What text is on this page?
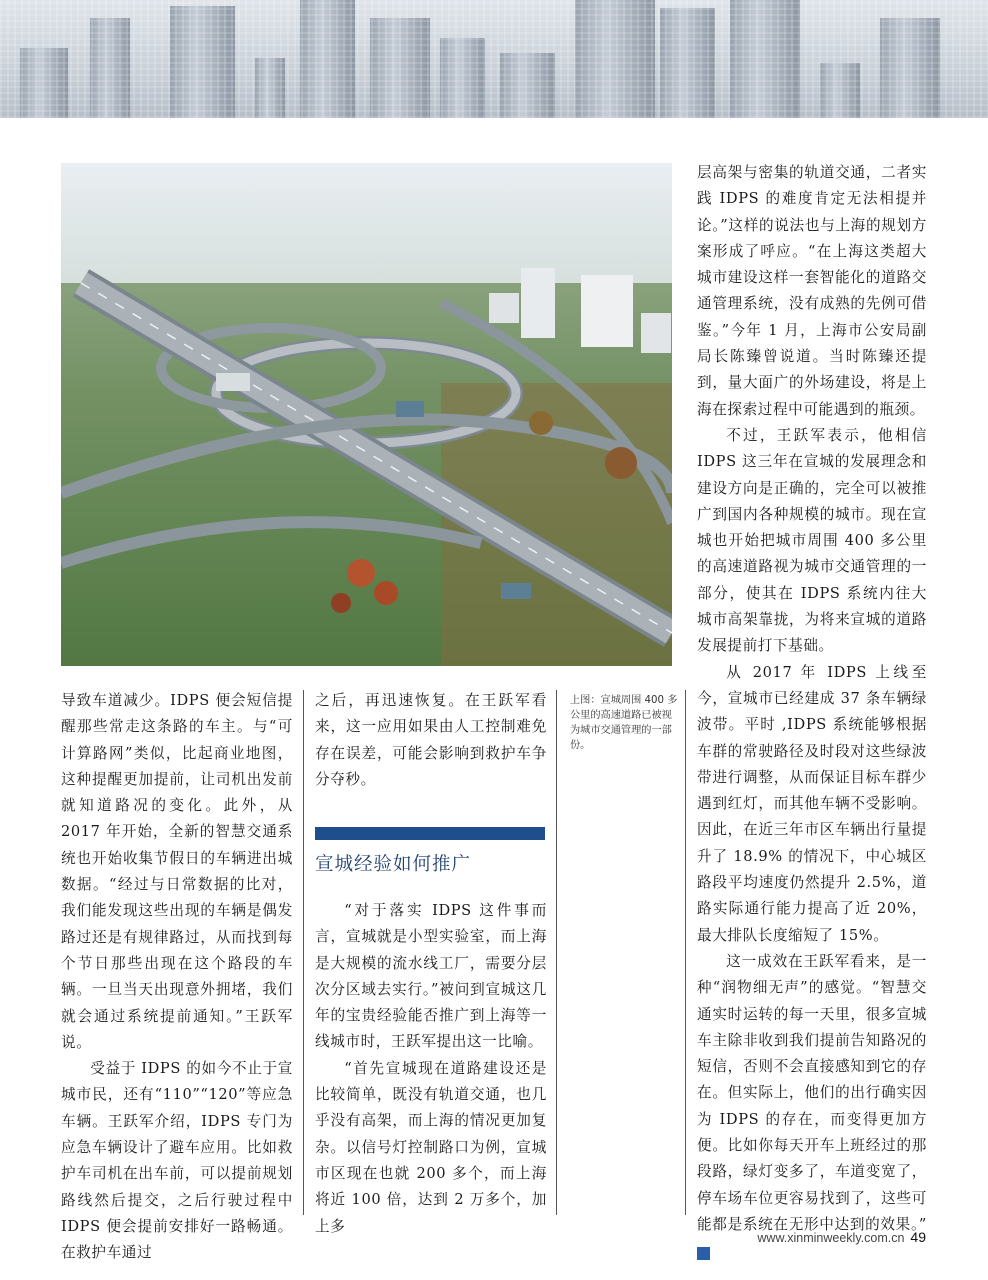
导致车道减少。IDPS 便会短信提醒那些常走这条路的车主。与“可计算路网”类似，比起商业地图，这种提醒更加提前，让司机出发前就知道路况的变化。此外，从 2017 年开始，全新的智慧交通系统也开始收集节假日的车辆进出城数据。“经过与日常数据的比对，我们能发现这些出现的车辆是偶发路过还是有规律路过，从而找到每个节日那些出现在这个路段的车辆。一旦当天出现意外拥堵，我们就会通过系统提前通知。”王跃军说。

受益于 IDPS 的如今不止于宣城市民，还有“110”“120”等应急车辆。王跃军介绍，IDPS 专门为应急车辆设计了避车应用。比如救护车司机在出车前，可以提前规划路线然后提交，之后行驶过程中 IDPS 便会提前安排好一路畅通。在救护车通过

之后，再迅速恢复。在王跃军看来，这一应用如果由人工控制难免存在误差，可能会影响到救护车争分夺秒。

宣城经验如何推广

“对于落实 IDPS 这件事而言，宣城就是小型实验室，而上海是大规模的流水线工厂，需要分层次分区域去实行。”被问到宣城这几年的宝贵经验能否推广到上海等一线城市时，王跃军提出这一比喻。

“首先宣城现在道路建设还是比较简单，既没有轨道交通，也几乎没有高架，而上海的情况更加复杂。以信号灯控制路口为例，宣城市区现在也就 200 多个，而上海将近 100 倍，达到 2 万多个，加上多

上图：宣城周围 400 多公里的高速道路已被视为城市交通管理的一部份。

层高架与密集的轨道交通，二者实践 IDPS 的难度肯定无法相提并论。”这样的说法也与上海的规划方案形成了呼应。“在上海这类超大城市建设这样一套智能化的道路交通管理系统，没有成熟的先例可借鉴。”今年 1 月，上海市公安局副局长陈臻曾说道。当时陈臻还提到，量大面广的外场建设，将是上海在探索过程中可能遇到的瓶颈。

不过，王跃军表示，他相信 IDPS 这三年在宣城的发展理念和建设方向是正确的，完全可以被推广到国内各种规模的城市。现在宣城也开始把城市周围 400 多公里的高速道路视为城市交通管理的一部分，使其在 IDPS 系统内往大城市高架靠拢，为将来宣城的道路发展提前打下基础。

从 2017 年 IDPS 上线至今，宣城市已经建成 37 条车辆绿波带。平时 ,IDPS 系统能够根据车群的常驶路径及时段对这些绿波带进行调整，从而保证目标车群少遇到红灯，而其他车辆不受影响。因此，在近三年市区车辆出行量提升了 18.9% 的情况下，中心城区路段平均速度仍然提升 2.5%，道路实际通行能力提高了近 20%，最大排队长度缩短了 15%。

这一成效在王跃军看来，是一种“润物细无声”的感觉。“智慧交通实时运转的每一天里，很多宣城车主除非收到我们提前告知路况的短信，否则不会直接感知到它的存在。但实际上，他们的出行确实因为 IDPS 的存在，而变得更加方便。比如你每天开车上班经过的那段路，绿灯变多了，车道变宽了，停车场车位更容易找到了，这些可能都是系统在无形中达到的效果。”民

www.xinminweekly.com.cn 49
